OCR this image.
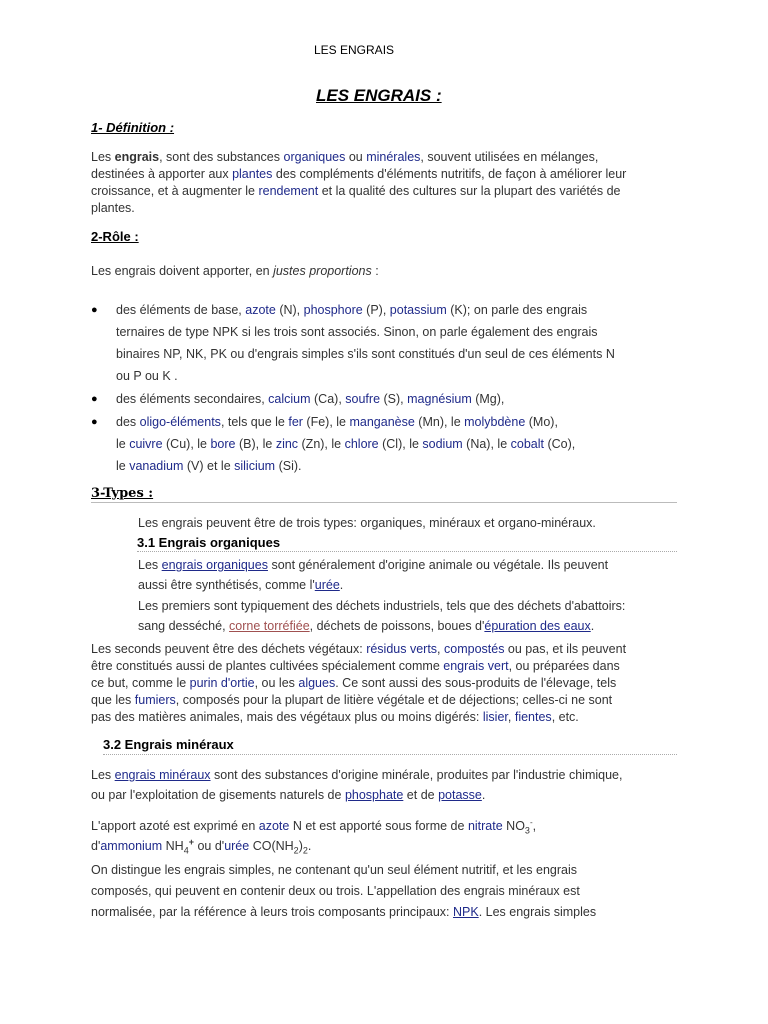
LES ENGRAIS
LES ENGRAIS :
1- Définition :
Les engrais, sont des substances organiques ou minérales, souvent utilisées en mélanges,
destinées à apporter aux plantes des compléments d'éléments nutritifs, de façon à améliorer leur
croissance, et à augmenter le rendement et la qualité des cultures sur la plupart des variétés de
plantes.
2-Rôle :
Les engrais doivent apporter, en justes proportions :
● des éléments de base, azote (N), phosphore (P), potassium (K); on parle des engrais
ternaires de type NPK si les trois sont associés. Sinon, on parle également des engrais
binaires NP, NK, PK ou d'engrais simples s'ils sont constitués d'un seul de ces éléments N
ou P ou K .
● des éléments secondaires, calcium (Ca), soufre (S), magnésium (Mg),
● des oligo-éléments, tels que le fer (Fe), le manganèse (Mn), le molybdène (Mo),
le cuivre (Cu), le bore (B), le zinc (Zn), le chlore (Cl), le sodium (Na), le cobalt (Co),
le vanadium (V) et le silicium (Si).
3-Types :
Les engrais peuvent être de trois types: organiques, minéraux et organo-minéraux.
3.1 Engrais organiques
Les engrais organiques sont généralement d'origine animale ou végétale. Ils peuvent
aussi être synthétisés, comme l'urée.
Les premiers sont typiquement des déchets industriels, tels que des déchets d'abattoirs:
sang desséché, corne torréfiée, déchets de poissons, boues d'épuration des eaux.
Les seconds peuvent être des déchets végétaux: résidus verts, compostés ou pas, et ils peuvent
être constitués aussi de plantes cultivées spécialement comme engrais vert, ou préparées dans
ce but, comme le purin d'ortie, ou les algues. Ce sont aussi des sous-produits de l'élevage, tels
que les fumiers, composés pour la plupart de litière végétale et de déjections; celles-ci ne sont
pas des matières animales, mais des végétaux plus ou moins digérés: lisier, fientes, etc.
3.2 Engrais minéraux
Les engrais minéraux sont des substances d'origine minérale, produites par l'industrie chimique,
ou par l'exploitation de gisements naturels de phosphate et de potasse.
L'apport azoté est exprimé en azote N et est apporté sous forme de nitrate $NO_3^-$,
d'ammonium $NH_4^+$ ou d'urée $CO(NH_2)_2$.
On distingue les engrais simples, ne contenant qu'un seul élément nutritif, et les engrais
composés, qui peuvent en contenir deux ou trois. L'appellation des engrais minéraux est
normalisée, par la référence à leurs trois composants principaux: NPK. Les engrais simples
